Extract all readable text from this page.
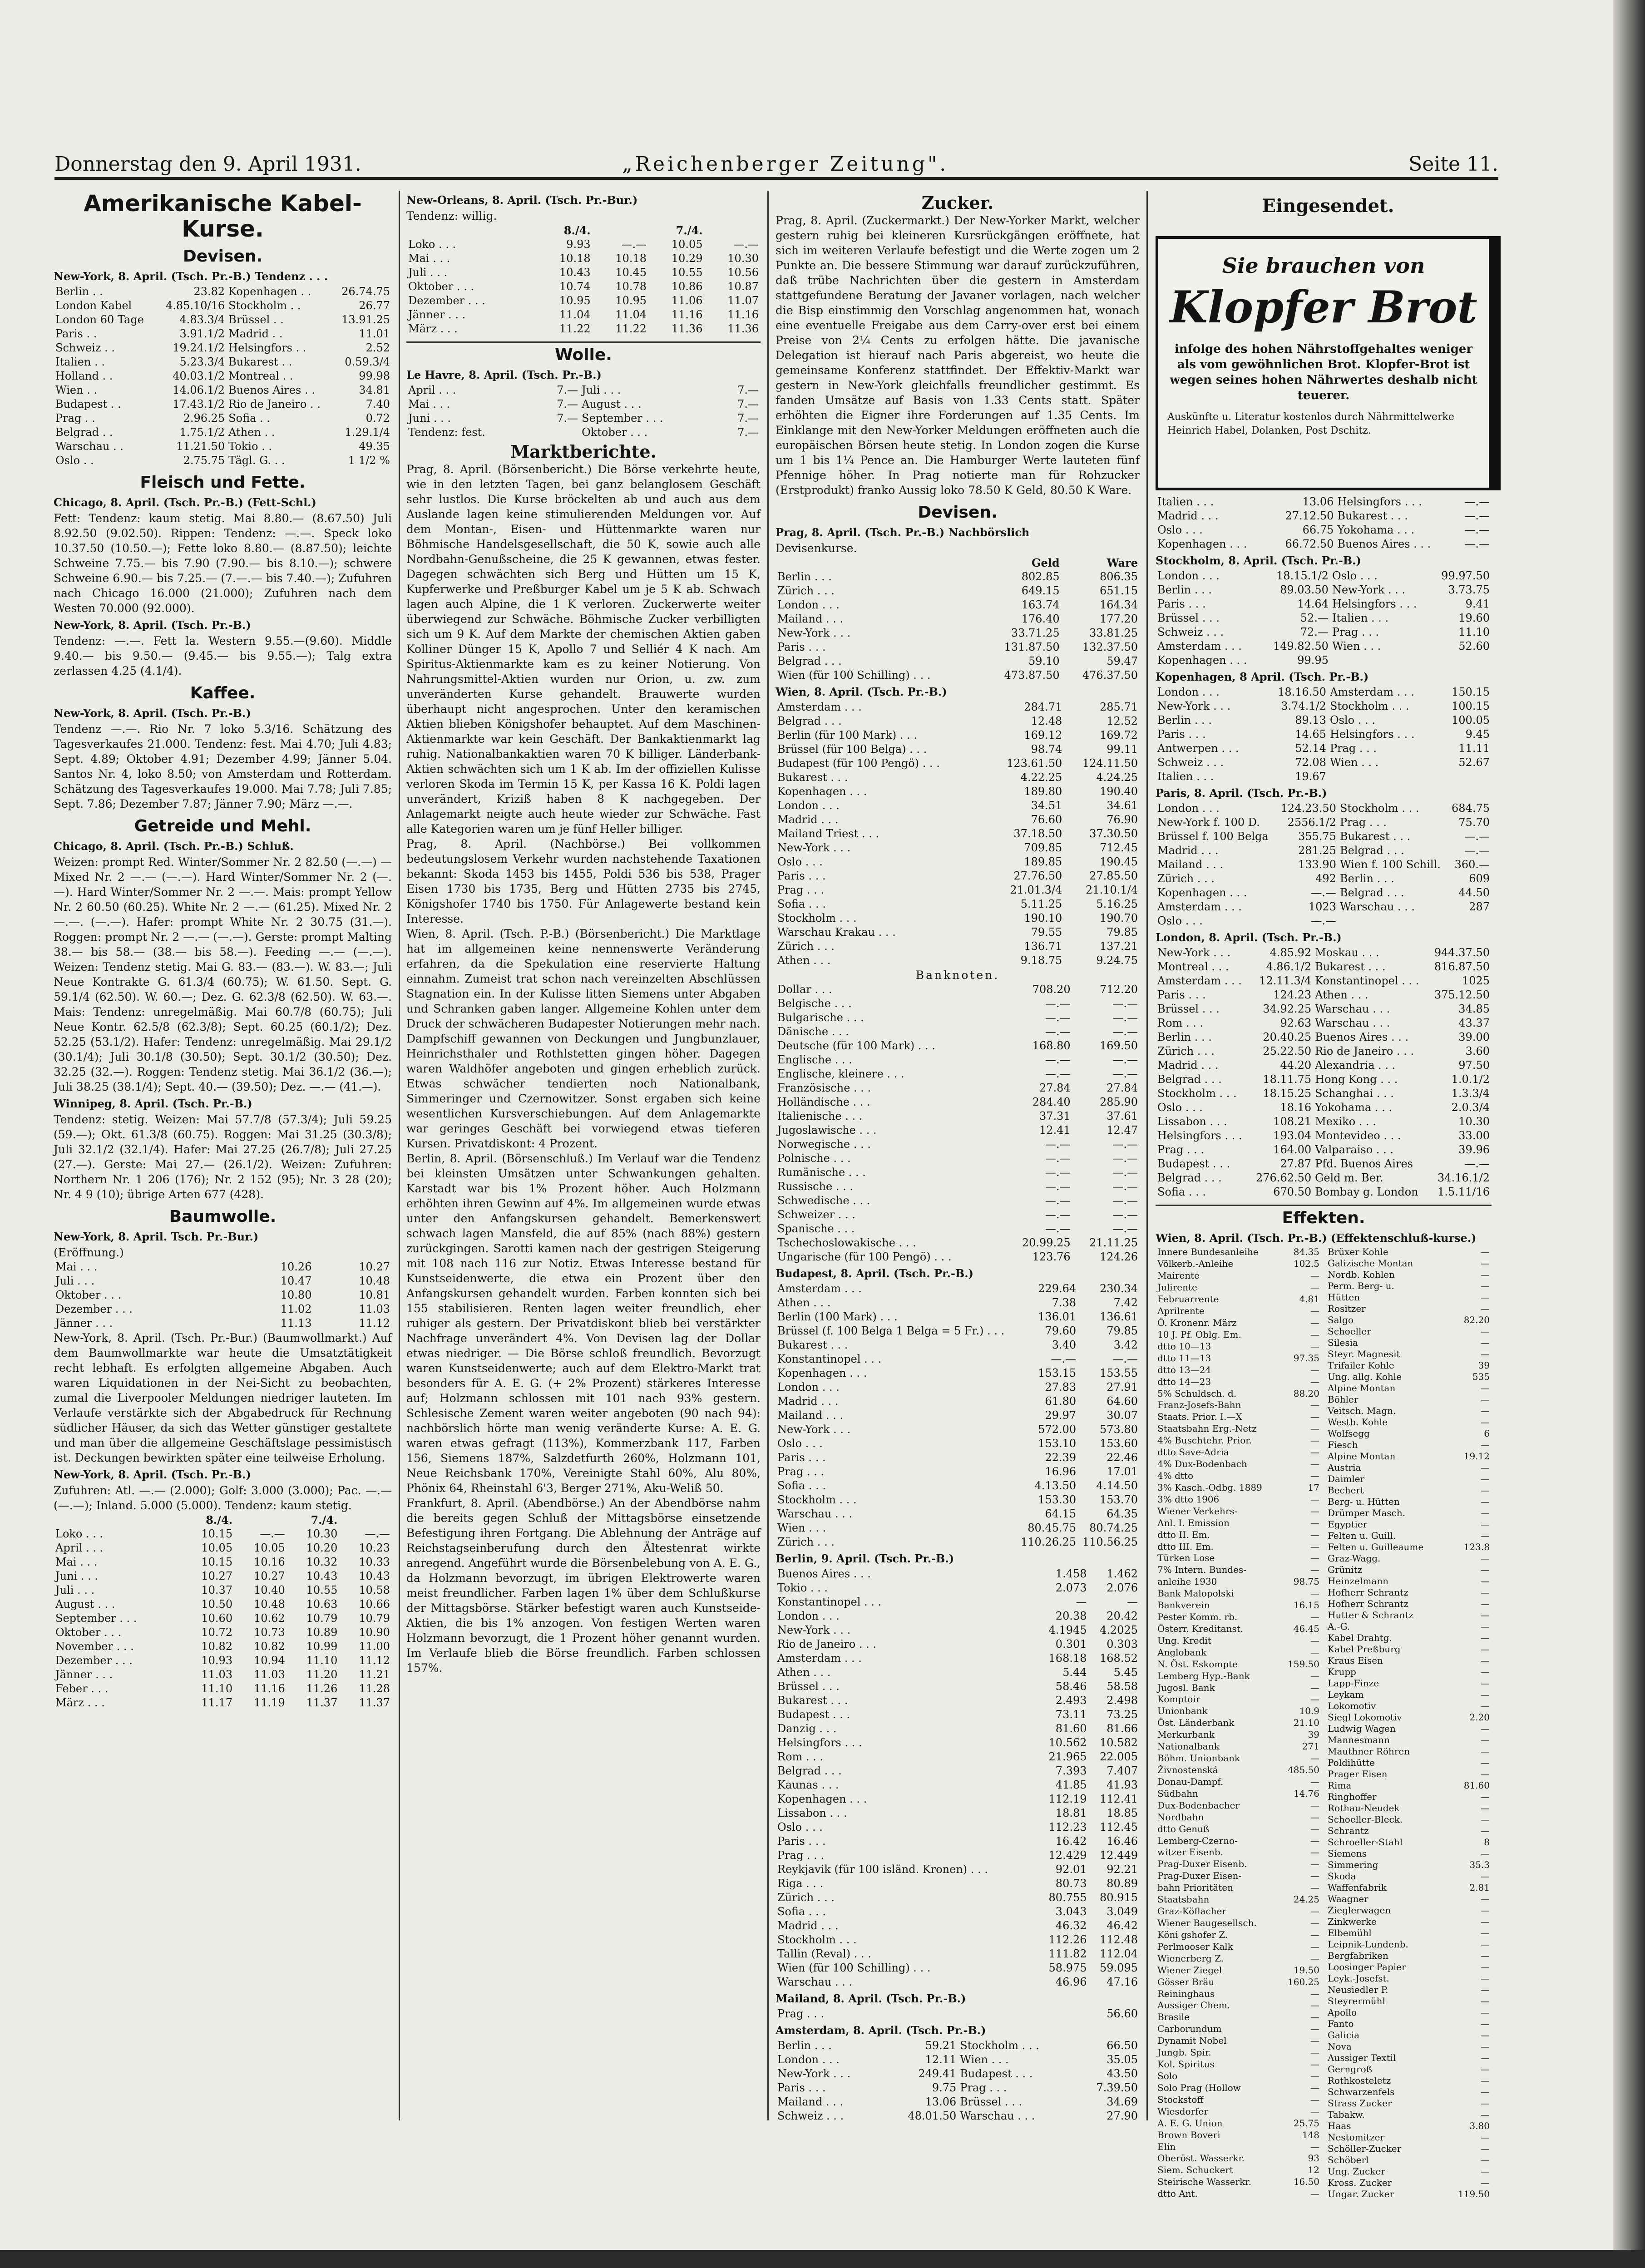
Donnerstag den 9. April 1931.	„Reichenberger Zeitung".	Seite 11.
Amerikanische Kabel-Kurse.
Devisen.
New-York, 8. April. (Tsch. Pr.-B.) Tendenz . . .
Berlin . .	23.82	Kopenhagen . .	26.74.75
London Kabel	4.85.10/16	Stockholm . .	26.77
London 60 Tage	4.83.3/4	Brüssel . .	13.91.25
Paris . .	3.91.1/2	Madrid . .	11.01
Schweiz . .	19.24.1/2	Helsingfors . .	2.52
Italien . .	5.23.3/4	Bukarest . .	0.59.3/4
Holland . .	40.03.1/2	Montreal . .	99.98
Wien . .	14.06.1/2	Buenos Aires . .	34.81
Budapest . .	17.43.1/2	Rio de Janeiro . .	7.40
Prag . .	2.96.25	Sofia . .	0.72
Belgrad . .	1.75.1/2	Athen . .	1.29.1/4
Warschau . .	11.21.50	Tokio . .	49.35
Oslo . .	2.75.75	Tägl. G. . .	1 1/2 %
Fleisch und Fette.
Chicago, 8. April. (Tsch. Pr.-B.) (Fett-Schl.)

Fett: Tendenz: kaum stetig. Mai 8.80.— (8.67.50) Juli 8.92.50 (9.02.50). Rippen: Tendenz: —.—. Speck loko 10.37.50 (10.50.—); Fette loko 8.80.— (8.87.50); leichte Schweine 7.75.— bis 7.90 (7.90.— bis 8.10.—); schwere Schweine 6.90.— bis 7.25.— (7.—.— bis 7.40.—); Zufuhren nach Chicago 16.000 (21.000); Zufuhren nach dem Westen 70.000 (92.000).

New-York, 8. April. (Tsch. Pr.-B.)

Tendenz: —.—. Fett la. Western 9.55.—(9.60). Middle 9.40.— bis 9.50.— (9.45.— bis 9.55.—); Talg extra zerlassen 4.25 (4.1/4).

Kaffee.
New-York, 8. April. (Tsch. Pr.-B.)

Tendenz —.—. Rio Nr. 7 loko 5.3/16. Schätzung des Tagesverkaufes 21.000. Tendenz: fest. Mai 4.70; Juli 4.83; Sept. 4.89; Oktober 4.91; Dezember 4.99; Jänner 5.04. Santos Nr. 4, loko 8.50; von Amsterdam und Rotterdam. Schätzung des Tagesverkaufes 19.000. Mai 7.78; Juli 7.85; Sept. 7.86; Dezember 7.87; Jänner 7.90; März —.—.

Getreide und Mehl.
Chicago, 8. April. (Tsch. Pr.-B.) Schluß.

Weizen: prompt Red. Winter/Sommer Nr. 2 82.50 (—.—) — Mixed Nr. 2 —.— (—.—). Hard Winter/Sommer Nr. 2 (—.—). Hard Winter/Sommer Nr. 2 —.—. Mais: prompt Yellow Nr. 2 60.50 (60.25). White Nr. 2 —.— (61.25). Mixed Nr. 2 —.—. (—.—). Hafer: prompt White Nr. 2 30.75 (31.—). Roggen: prompt Nr. 2 —.— (—.—). Gerste: prompt Malting 38.— bis 58.— (38.— bis 58.—). Feeding —.— (—.—). Weizen: Tendenz stetig. Mai G. 83.— (83.—). W. 83.—; Juli Neue Kontrakte G. 61.3/4 (60.75); W. 61.50. Sept. G. 59.1/4 (62.50). W. 60.—; Dez. G. 62.3/8 (62.50). W. 63.—. Mais: Tendenz: unregelmäßig. Mai 60.7/8 (60.75); Juli Neue Kontr. 62.5/8 (62.3/8); Sept. 60.25 (60.1/2); Dez. 52.25 (53.1/2). Hafer: Tendenz: unregelmäßig. Mai 29.1/2 (30.1/4); Juli 30.1/8 (30.50); Sept. 30.1/2 (30.50); Dez. 32.25 (32.—). Roggen: Tendenz stetig. Mai 36.1/2 (36.—); Juli 38.25 (38.1/4); Sept. 40.— (39.50); Dez. —.— (41.—).

Winnipeg, 8. April. (Tsch. Pr.-B.)

Tendenz: stetig. Weizen: Mai 57.7/8 (57.3/4); Juli 59.25 (59.—); Okt. 61.3/8 (60.75). Roggen: Mai 31.25 (30.3/8); Juli 32.1/2 (32.1/4). Hafer: Mai 27.25 (26.7/8); Juli 27.25 (27.—). Gerste: Mai 27.— (26.1/2). Weizen: Zufuhren: Northern Nr. 1 206 (176); Nr. 2 152 (95); Nr. 3 28 (20); Nr. 4 9 (10); übrige Arten 677 (428).

Baumwolle.
New-York, 8. April. Tsch. Pr.-Bur.)
(Eröffnung.)
Mai . . .	10.26	10.27
Juli . . .	10.47	10.48
Oktober . . .	10.80	10.81
Dezember . . .	11.02	11.03
Jänner . . .	11.13	11.12

New-York, 8. April. (Tsch. Pr.-Bur.) (Baumwollmarkt.) Auf dem Baumwollmarkte war heute die Umsatztätigkeit recht lebhaft. Es erfolgten allgemeine Abgaben. Auch waren Liquidationen in der Nei-Sicht zu beobachten, zumal die Liverpooler Meldungen niedriger lauteten. Im Verlaufe verstärkte sich der Abgabedruck für Rechnung südlicher Häuser, da sich das Wetter günstiger gestaltete und man über die allgemeine Geschäftslage pessimistisch ist. Deckungen bewirkten später eine teilweise Erholung.

New-York, 8. April. (Tsch. Pr.-B.)

Zufuhren: Atl. —.— (2.000); Golf: 3.000 (3.000); Pac. —.— (—.—); Inland. 5.000 (5.000). Tendenz: kaum stetig.

	8./4.		7./4.	
Loko . . .	10.15	—.—	10.30	—.—
April . . .	10.05	10.05	10.20	10.23
Mai . . .	10.15	10.16	10.32	10.33
Juni . . .	10.27	10.27	10.43	10.43
Juli . . .	10.37	10.40	10.55	10.58
August . . .	10.50	10.48	10.63	10.66
September . . .	10.60	10.62	10.79	10.79
Oktober . . .	10.72	10.73	10.89	10.90
November . . .	10.82	10.82	10.99	11.00
Dezember . . .	10.93	10.94	11.10	11.12
Jänner . . .	11.03	11.03	11.20	11.21
Feber . . .	11.10	11.16	11.26	11.28
März . . .	11.17	11.19	11.37	11.37
New-Orleans, 8. April. (Tsch. Pr.-Bur.)
Tendenz: willig.
	8./4.		7./4.	
Loko . . .	9.93	—.—	10.05	—.—
Mai . . .	10.18	10.18	10.29	10.30
Juli . . .	10.43	10.45	10.55	10.56
Oktober . . .	10.74	10.78	10.86	10.87
Dezember . . .	10.95	10.95	11.06	11.07
Jänner . . .	11.04	11.04	11.16	11.16
März . . .	11.22	11.22	11.36	11.36
Wolle.
Le Havre, 8. April. (Tsch. Pr.-B.)
April . . .	7.—	Juli . . .	7.—
Mai . . .	7.—	August . . .	7.—
Juni . . .	7.—	September . . .	7.—
Tendenz: fest.		Oktober . . .	7.—
Marktberichte.

Prag, 8. April. (Börsenbericht.) Die Börse verkehrte heute, wie in den letzten Tagen, bei ganz belanglosem Geschäft sehr lustlos. Die Kurse bröckelten ab und auch aus dem Auslande lagen keine stimulierenden Meldungen vor. Auf dem Montan-, Eisen- und Hüttenmarkte waren nur Böhmische Handelsgesellschaft, die 50 K, sowie auch alle Nordbahn-Genußscheine, die 25 K gewannen, etwas fester. Dagegen schwächten sich Berg und Hütten um 15 K, Kupferwerke und Preßburger Kabel um je 5 K ab. Schwach lagen auch Alpine, die 1 K verloren. Zuckerwerte weiter überwiegend zur Schwäche. Böhmische Zucker verbilligten sich um 9 K. Auf dem Markte der chemischen Aktien gaben Kolliner Dünger 15 K, Apollo 7 und Selliér 4 K nach. Am Spiritus-Aktienmarkte kam es zu keiner Notierung. Von Nahrungsmittel-Aktien wurden nur Orion, u. zw. zum unveränderten Kurse gehandelt. Brauwerte wurden überhaupt nicht angesprochen. Unter den keramischen Aktien blieben Königshofer behauptet. Auf dem Maschinen-Aktienmarkte war kein Geschäft. Der Bankaktienmarkt lag ruhig. Nationalbankaktien waren 70 K billiger. Länderbank-Aktien schwächten sich um 1 K ab. Im der offiziellen Kulisse verloren Skoda im Termin 15 K, per Kassa 16 K. Poldi lagen unverändert, Kriziß haben 8 K nachgegeben. Der Anlagemarkt neigte auch heute wieder zur Schwäche. Fast alle Kategorien waren um je fünf Heller billiger.

Prag, 8. April. (Nachbörse.) Bei vollkommen bedeutungslosem Verkehr wurden nachstehende Taxationen bekannt: Skoda 1453 bis 1455, Poldi 536 bis 538, Prager Eisen 1730 bis 1735, Berg und Hütten 2735 bis 2745, Königshofer 1740 bis 1750. Für Anlagewerte bestand kein Interesse.

Wien, 8. April. (Tsch. P.-B.) (Börsenbericht.) Die Marktlage hat im allgemeinen keine nennenswerte Veränderung erfahren, da die Spekulation eine reservierte Haltung einnahm. Zumeist trat schon nach vereinzelten Abschlüssen Stagnation ein. In der Kulisse litten Siemens unter Abgaben und Schranken gaben langer. Allgemeine Kohlen unter dem Druck der schwächeren Budapester Notierungen mehr nach. Dampfschiff gewannen von Deckungen und Jungbunzlauer, Heinrichsthaler und Rothlstetten gingen höher. Dagegen waren Waldhöfer angeboten und gingen erheblich zurück. Etwas schwächer tendierten noch Nationalbank, Simmeringer und Czernowitzer. Sonst ergaben sich keine wesentlichen Kursverschiebungen. Auf dem Anlagemarkte war geringes Geschäft bei vorwiegend etwas tieferen Kursen. Privatdiskont: 4 Prozent.

Berlin, 8. April. (Börsenschluß.) Im Verlauf war die Tendenz bei kleinsten Umsätzen unter Schwankungen gehalten. Karstadt war bis 1% Prozent höher. Auch Holzmann erhöhten ihren Gewinn auf 4%. Im allgemeinen wurde etwas unter den Anfangskursen gehandelt. Bemerkenswert schwach lagen Mansfeld, die auf 85% (nach 88%) gestern zurückgingen. Sarotti kamen nach der gestrigen Steigerung mit 108 nach 116 zur Notiz. Etwas Interesse bestand für Kunstseidenwerte, die etwa ein Prozent über den Anfangskursen gehandelt wurden. Farben konnten sich bei 155 stabilisieren. Renten lagen weiter freundlich, eher ruhiger als gestern. Der Privatdiskont blieb bei verstärkter Nachfrage unverändert 4%. Von Devisen lag der Dollar etwas niedriger. — Die Börse schloß freundlich. Bevorzugt waren Kunstseidenwerte; auch auf dem Elektro-Markt trat besonders für A. E. G. (+ 2% Prozent) stärkeres Interesse auf; Holzmann schlossen mit 101 nach 93% gestern. Schlesische Zement waren weiter angeboten (90 nach 94): nachbörslich hörte man wenig veränderte Kurse: A. E. G. waren etwas gefragt (113%), Kommerzbank 117, Farben 156, Siemens 187%, Salzdetfurth 260%, Holzmann 101, Neue Reichsbank 170%, Vereinigte Stahl 60%, Alu 80%, Phönix 64, Rheinstahl 6'3, Berger 271%, Aku-Weliß 50.

Frankfurt, 8. April. (Abendbörse.) An der Abendbörse nahm die bereits gegen Schluß der Mittagsbörse einsetzende Befestigung ihren Fortgang. Die Ablehnung der Anträge auf Reichstagseinberufung durch den Ältestenrat wirkte anregend. Angeführt wurde die Börsenbelebung von A. E. G., da Holzmann bevorzugt, im übrigen Elektrowerte waren meist freundlicher. Farben lagen 1% über dem Schlußkurse der Mittagsbörse. Stärker befestigt waren auch Kunstseide-Aktien, die bis 1% anzogen. Von festigen Werten waren Holzmann bevorzugt, die 1 Prozent höher genannt wurden. Im Verlaufe blieb die Börse freundlich. Farben schlossen 157%.

Zucker.

Prag, 8. April. (Zuckermarkt.) Der New-Yorker Markt, welcher gestern ruhig bei kleineren Kursrückgängen eröffnete, hat sich im weiteren Verlaufe befestigt und die Werte zogen um 2 Punkte an. Die bessere Stimmung war darauf zurückzuführen, daß trübe Nachrichten über die gestern in Amsterdam stattgefundene Beratung der Javaner vorlagen, nach welcher die Bisp einstimmig den Vorschlag angenommen hat, wonach eine eventuelle Freigabe aus dem Carry-over erst bei einem Preise von 2¼ Cents zu erfolgen hätte. Die javanische Delegation ist hierauf nach Paris abgereist, wo heute die gemeinsame Konferenz stattfindet. Der Effektiv-Markt war gestern in New-York gleichfalls freundlicher gestimmt. Es fanden Umsätze auf Basis von 1.33 Cents statt. Später erhöhten die Eigner ihre Forderungen auf 1.35 Cents. Im Einklange mit den New-Yorker Meldungen eröffneten auch die europäischen Börsen heute stetig. In London zogen die Kurse um 1 bis 1¼ Pence an. Die Hamburger Werte lauteten fünf Pfennige höher. In Prag notierte man für Rohzucker (Erstprodukt) franko Aussig loko 78.50 K Geld, 80.50 K Ware.

Devisen.
Prag, 8. April. (Tsch. Pr.-B.) Nachbörslich
Devisenkurse.
	Geld	Ware
Berlin . . .	802.85	806.35
Zürich . . .	649.15	651.15
London . . .	163.74	164.34
Mailand . . .	176.40	177.20
New-York . . .	33.71.25	33.81.25
Paris . . .	131.87.50	132.37.50
Belgrad . . .	59.10	59.47
Wien (für 100 Schilling) . . .	473.87.50	476.37.50
Wien, 8. April. (Tsch. Pr.-B.)
Amsterdam . . .	284.71	285.71
Belgrad . . .	12.48	12.52
Berlin (für 100 Mark) . . .	169.12	169.72
Brüssel (für 100 Belga) . . .	98.74	99.11
Budapest (für 100 Pengö) . . .	123.61.50	124.11.50
Bukarest . . .	4.22.25	4.24.25
Kopenhagen . . .	189.80	190.40
London . . .	34.51	34.61
Madrid . . .	76.60	76.90
Mailand Triest . . .	37.18.50	37.30.50
New-York . . .	709.85	712.45
Oslo . . .	189.85	190.45
Paris . . .	27.76.50	27.85.50
Prag . . .	21.01.3/4	21.10.1/4
Sofia . . .	5.11.25	5.16.25
Stockholm . . .	190.10	190.70
Warschau Krakau . . .	79.55	79.85
Zürich . . .	136.71	137.21
Athen . . .	9.18.75	9.24.75
Banknoten.
Dollar . . .	708.20	712.20
Belgische . . .	—.—	—.—
Bulgarische . . .	—.—	—.—
Dänische . . .	—.—	—.—
Deutsche (für 100 Mark) . . .	168.80	169.50
Englische . . .	—.—	—.—
Englische, kleinere . . .	—.—	—.—
Französische . . .	27.84	27.84
Holländische . . .	284.40	285.90
Italienische . . .	37.31	37.61
Jugoslawische . . .	12.41	12.47
Norwegische . . .	—.—	—.—
Polnische . . .	—.—	—.—
Rumänische . . .	—.—	—.—
Russische . . .	—.—	—.—
Schwedische . . .	—.—	—.—
Schweizer . . .	—.—	—.—
Spanische . . .	—.—	—.—
Tschechoslowakische . . .	20.99.25	21.11.25
Ungarische (für 100 Pengö) . . .	123.76	124.26
Budapest, 8. April. (Tsch. Pr.-B.)
Amsterdam . . .	229.64	230.34
Athen . . .	7.38	7.42
Berlin (100 Mark) . . .	136.01	136.61
Brüssel (f. 100 Belga 1 Belga = 5 Fr.) . . .	79.60	79.85
Bukarest . . .	3.40	3.42
Konstantinopel . . .	—.—	—.—
Kopenhagen . . .	153.15	153.55
London . . .	27.83	27.91
Madrid . . .	61.80	64.60
Mailand . . .	29.97	30.07
New-York . . .	572.00	573.80
Oslo . . .	153.10	153.60
Paris . . .	22.39	22.46
Prag . . .	16.96	17.01
Sofia . . .	4.13.50	4.14.50
Stockholm . . .	153.30	153.70
Warschau . . .	64.15	64.35
Wien . . .	80.45.75	80.74.25
Zürich . . .	110.26.25	110.56.25
Berlin, 9. April. (Tsch. Pr.-B.)
Buenos Aires . . .	1.458	1.462
Tokio . . .	2.073	2.076
Konstantinopel . . .	—	—
London . . .	20.38	20.42
New-York . . .	4.1945	4.2025
Rio de Janeiro . . .	0.301	0.303
Amsterdam . . .	168.18	168.52
Athen . . .	5.44	5.45
Brüssel . . .	58.46	58.58
Bukarest . . .	2.493	2.498
Budapest . . .	73.11	73.25
Danzig . . .	81.60	81.66
Helsingfors . . .	10.562	10.582
Rom . . .	21.965	22.005
Belgrad . . .	7.393	7.407
Kaunas . . .	41.85	41.93
Kopenhagen . . .	112.19	112.41
Lissabon . . .	18.81	18.85
Oslo . . .	112.23	112.45
Paris . . .	16.42	16.46
Prag . . .	12.429	12.449
Reykjavik (für 100 isländ. Kronen) . . .	92.01	92.21
Riga . . .	80.73	80.89
Zürich . . .	80.755	80.915
Sofia . . .	3.043	3.049
Madrid . . .	46.32	46.42
Stockholm . . .	112.26	112.48
Tallin (Reval) . . .	111.82	112.04
Wien (für 100 Schilling) . . .	58.975	59.095
Warschau . . .	46.96	47.16
Mailand, 8. April. (Tsch. Pr.-B.)
Prag . . .		56.60
Amsterdam, 8. April. (Tsch. Pr.-B.)
Berlin . . .	59.21	Stockholm . . .	66.50
London . . .	12.11	Wien . . .	35.05
New-York . . .	249.41	Budapest . . .	43.50
Paris . . .	9.75	Prag . . .	7.39.50
Mailand . . .	13.06	Brüssel . . .	34.69
Schweiz . . .	48.01.50	Warschau . . .	27.90
Eingesendet.
Sie brauchen von
Klopfer Brot
infolge des hohen Nährstoffgehaltes weniger als vom gewöhnlichen Brot. Klopfer-Brot ist wegen seines hohen Nährwertes deshalb nicht teuerer.
Auskünfte u. Literatur kostenlos durch Nährmittelwerke Heinrich Habel, Dolanken, Post Dschitz.
Italien . . .	13.06	Helsingfors . . .	—.—
Madrid . . .	27.12.50	Bukarest . . .	—.—
Oslo . . .	66.75	Yokohama . . .	—.—
Kopenhagen . . .	66.72.50	Buenos Aires . . .	—.—
Stockholm, 8. April. (Tsch. Pr.-B.)
London . . .	18.15.1/2	Oslo . . .	99.97.50
Berlin . . .	89.03.50	New-York . . .	3.73.75
Paris . . .	14.64	Helsingfors . . .	9.41
Brüssel . . .	52.—	Italien . . .	19.60
Schweiz . . .	72.—	Prag . . .	11.10
Amsterdam . . .	149.82.50	Wien . . .	52.60
Kopenhagen . . .	99.95		
Kopenhagen, 8 April. (Tsch. Pr.-B.)
London . . .	18.16.50	Amsterdam . . .	150.15
New-York . . .	3.74.1/2	Stockholm . . .	100.15
Berlin . . .	89.13	Oslo . . .	100.05
Paris . . .	14.65	Helsingfors . . .	9.45
Antwerpen . . .	52.14	Prag . . .	11.11
Schweiz . . .	72.08	Wien . . .	52.67
Italien . . .	19.67		
Paris, 8. April. (Tsch. Pr.-B.)
London . . .	124.23.50	Stockholm . . .	684.75
New-York f. 100 D.	2556.1/2	Prag . . .	75.70
Brüssel f. 100 Belga	355.75	Bukarest . . .	—.—
Madrid . . .	281.25	Belgrad . . .	—.—
Mailand . . .	133.90	Wien f. 100 Schill.	360.—
Zürich . . .	492	Berlin . . .	609
Kopenhagen . . .	—.—	Belgrad . . .	44.50
Amsterdam . . .	1023	Warschau . . .	287
Oslo . . .	—.—		
London, 8. April. (Tsch. Pr.-B.)
New-York . . .	4.85.92	Moskau . . .	944.37.50
Montreal . . .	4.86.1/2	Bukarest . . .	816.87.50
Amsterdam . . .	12.11.3/4	Konstantinopel . . .	1025
Paris . . .	124.23	Athen . . .	375.12.50
Brüssel . . .	34.92.25	Warschau . . .	34.85
Rom . . .	92.63	Warschau . . .	43.37
Berlin . . .	20.40.25	Buenos Aires . . .	39.00
Zürich . . .	25.22.50	Rio de Janeiro . . .	3.60
Madrid . . .	44.20	Alexandria . . .	97.50
Belgrad . . .	18.11.75	Hong Kong . . .	1.0.1/2
Stockholm . . .	18.15.25	Schanghai . . .	1.3.3/4
Oslo . . .	18.16	Yokohama . . .	2.0.3/4
Lissabon . . .	108.21	Mexiko . . .	10.30
Helsingfors . . .	193.04	Montevideo . . .	33.00
Prag . . .	164.00	Valparaiso . . .	39.96
Budapest . . .	27.87	Pfd. Buenos Aires	—.—
Belgrad . . .	276.62.50	Geld m. Ber.	34.16.1/2
Sofia . . .	670.50	Bombay g. London	1.5.11/16
Effekten.
Wien, 8. April. (Tsch. Pr.-B.) (Effektenschluß-kurse.)
Innere Bundesanleihe	84.35
Völkerb.-Anleihe	102.5
Mairente	—
Julirente	—
Februarrente	4.81
Aprilrente	—
Ö. Kronenr. März	—
10 J. Pf. Oblg. Em.	—
dtto 10—13	—
dtto 11—13	97.35
dtto 13—24	—
dtto 14—23	—
5% Schuldsch. d.	88.20
Franz-Josefs-Bahn	—
Staats. Prior. I.—X	—
Staatsbahn Erg.-Netz	—
4% Buschtehr. Prior.	—
dtto Save-Adria	—
4% Dux-Bodenbach	—
4% dtto	—
3% Kasch.-Odbg. 1889	17
3% dtto 1906	—
Wiener Verkehrs-	—
Anl. I. Emission	—
dtto II. Em.	—
dtto III. Em.	—
Türken Lose	—
7% Intern. Bundes-	—
anleihe 1930	98.75
Bank Malopolski	—
Bankverein	16.15
Pester Komm. rb.	—
Österr. Kreditanst.	46.45
Ung. Kredit	—
Anglobank	—
N. Öst. Eskompte	159.50
Lemberg Hyp.-Bank	—
Jugosl. Bank	—
Komptoir	—
Unionbank	10.9
Öst. Länderbank	21.10
Merkurbank	39
Nationalbank	271
Böhm. Unionbank	—
Živnostenská	485.50
Donau-Dampf.	—
Südbahn	14.76
Dux-Bodenbacher	—
Nordbahn	—
dtto Genuß	—
Lemberg-Czerno-	—
witzer Eisenb.	—
Prag-Duxer Eisenb.	—
Prag-Duxer Eisen-	—
bahn Prioritäten	—
Staatsbahn	24.25
Graz-Köflacher	—
Wiener Baugesellsch.	—
Köni gshofer Z.	—
Perlmooser Kalk	—
Wienerberg Z.	—
Wiener Ziegel	19.50
Gösser Bräu	160.25
Reininghaus	—
Aussiger Chem.	—
Brasile	—
Carborundum	—
Dynamit Nobel	—
Jungb. Spir.	—
Kol. Spiritus	—
Solo	—
Solo Prag (Hollow	—
Stockstoff	—
Wiesdorfer	—
A. E. G. Union	25.75
Brown Boveri	148
Elin	—
Oberöst. Wasserkr.	93
Siem. Schuckert	12
Steirische Wasserkr.	16.50
dtto Ant.	—
Brüxer Kohle	—
Galizische Montan	—
Nordb. Kohlen	—
Perm. Berg- u.	—
Hütten	—
Rositzer	—
Salgo	82.20
Schoeller	—
Silesia	—
Steyr. Magnesit	—
Trifailer Kohle	39
Ung. allg. Kohle	535
Alpine Montan	—
Böhler	—
Veitsch. Magn.	—
Westb. Kohle	—
Wolfsegg	6
Fiesch	—
Alpine Montan	19.12
Austria	—
Daimler	—
Bechert	—
Berg- u. Hütten	—
Drümper Masch.	—
Egyptier	—
Felten u. Guill.	—
Felten u. Guilleaume	123.8
Graz-Wagg.	—
Grünitz	—
Heinzelmann	—
Hofherr Schrantz	—
Hofherr Schrantz	—
Hutter & Schrantz	—
A.-G.	—
Kabel Drahtg.	—
Kabel Preßburg	—
Kraus Eisen	—
Krupp	—
Lapp-Finze	—
Leykam	—
Lokomotiv	—
Siegl Lokomotiv	2.20
Ludwig Wagen	—
Mannesmann	—
Mauthner Röhren	—
Poldihütte	—
Prager Eisen	—
Rima	81.60
Ringhoffer	—
Rothau-Neudek	—
Schoeller-Bleck.	—
Schrantz	—
Schroeller-Stahl	8
Siemens	—
Simmering	35.3
Skoda	—
Waffenfabrik	2.81
Waagner	—
Zieglerwagen	—
Zinkwerke	—
Elbemühl	—
Leipnik-Lundenb.	—
Bergfabriken	—
Loosinger Papier	—
Leyk.-Josefst.	—
Neusiedler P.	—
Steyrermühl	—
Apollo	—
Fanto	—
Galicia	—
Nova	—
Aussiger Textil	—
Gerngroß	—
Rothkosteletz	—
Schwarzenfels	—
Strass Zucker	—
Tabakw.	—
Haas	3.80
Nestomitzer	—
Schöller-Zucker	—
Schöberl	—
Ung. Zucker	—
Kross. Zucker	—
Ungar. Zucker	119.50
